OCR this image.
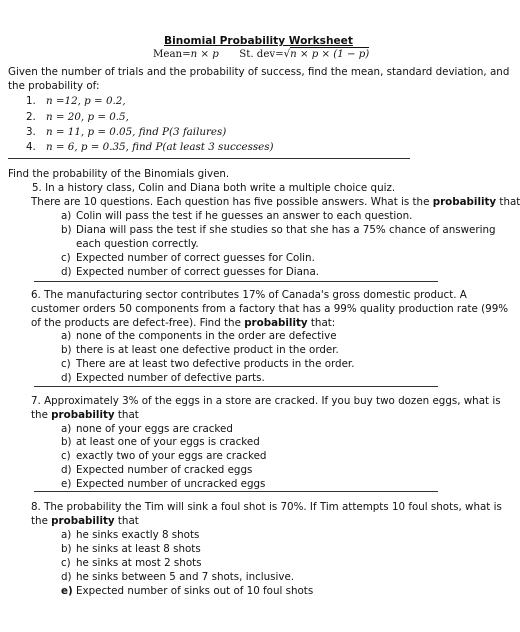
Binomial Probability Worksheet
Mean=n × p St. dev=√n × p × (1 − p)
Given the number of trials and the probability of success, find the mean, standard deviation, and
the probability of:
1. n =12, p = 0.2,
2. n = 20, p = 0.5,
3. n = 11, p = 0.05, find P(3 failures)
4. n = 6, p = 0.35, find P(at least 3 successes)
Find the probability of the Binomials given.
5. In a history class, Colin and Diana both write a multiple choice quiz.
There are 10 questions. Each question has five possible answers. What is the probability that
a) Colin will pass the test if he guesses an answer to each question.
b) Diana will pass the test if she studies so that she has a 75% chance of answering
each question correctly.
c) Expected number of correct guesses for Colin.
d) Expected number of correct guesses for Diana.
6. The manufacturing sector contributes 17% of Canada's gross domestic product. A
customer orders 50 components from a factory that has a 99% quality production rate (99%
of the products are defect-free). Find the probability that:
a) none of the components in the order are defective
b) there is at least one defective product in the order.
c) There are at least two defective products in the order.
d) Expected number of defective parts.
7. Approximately 3% of the eggs in a store are cracked. If you buy two dozen eggs, what is
the probability that
a) none of your eggs are cracked
b) at least one of your eggs is cracked
c) exactly two of your eggs are cracked
d) Expected number of cracked eggs
e) Expected number of uncracked eggs
8. The probability the Tim will sink a foul shot is 70%. If Tim attempts 10 foul shots, what is
the probability that
a) he sinks exactly 8 shots
b) he sinks at least 8 shots
c) he sinks at most 2 shots
d) he sinks between 5 and 7 shots, inclusive.
e) Expected number of sinks out of 10 foul shots
